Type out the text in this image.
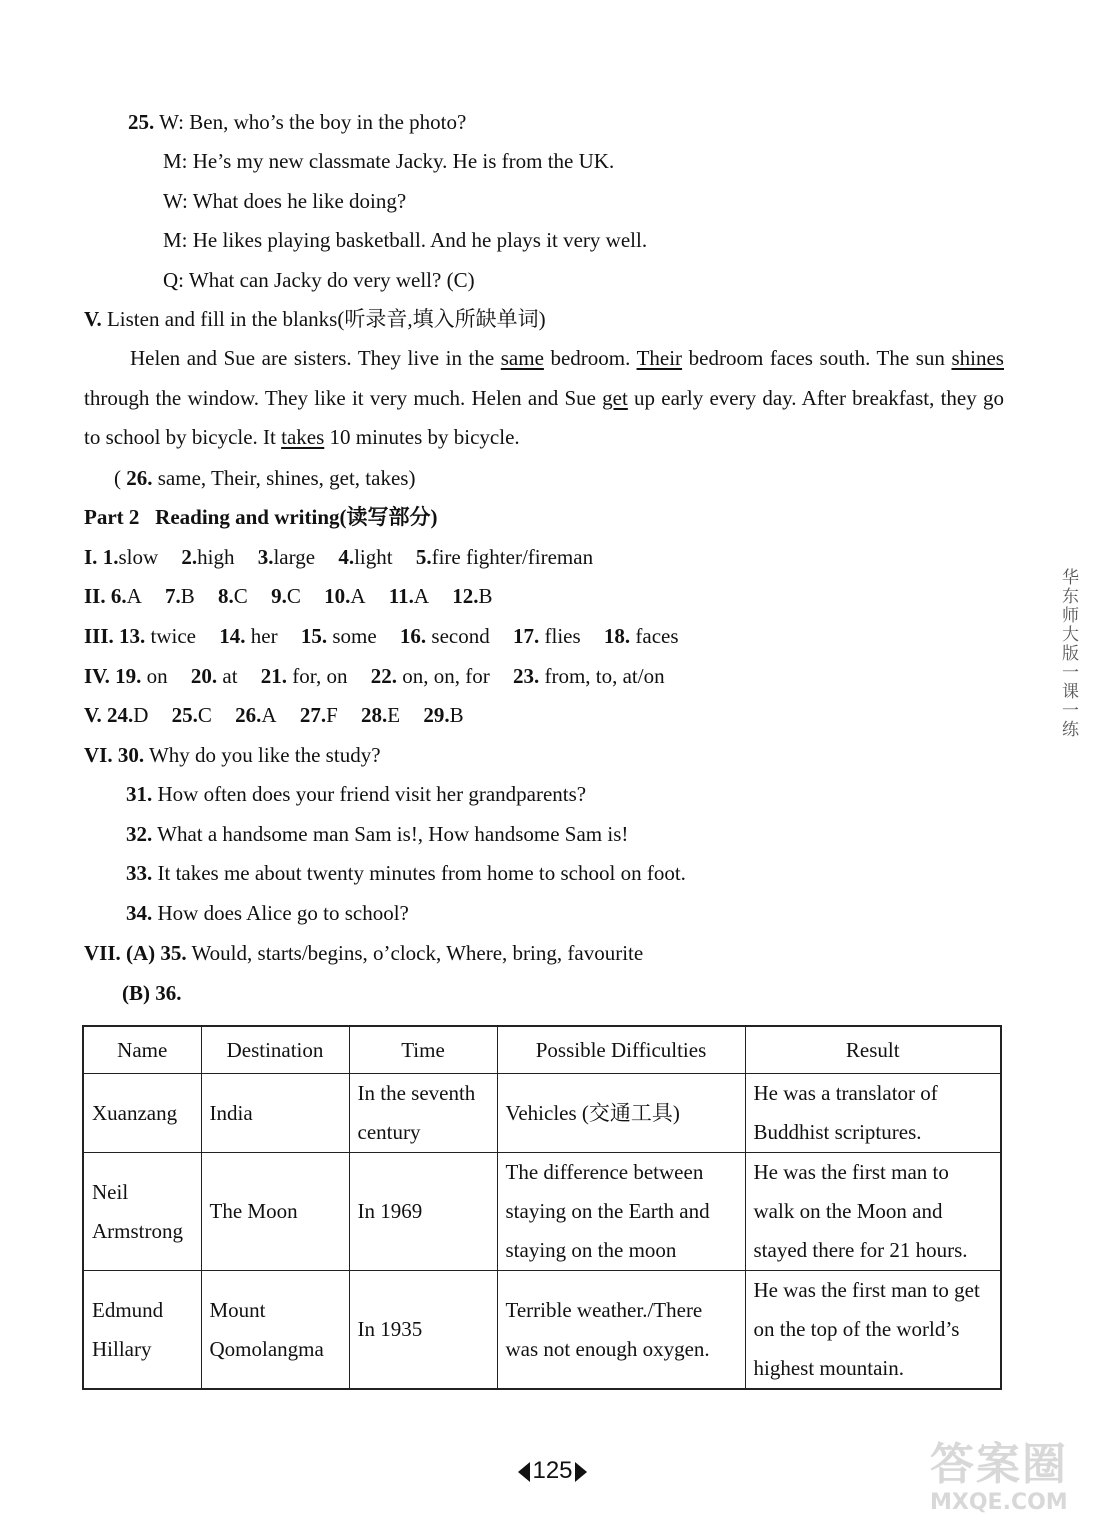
25. W: Ben, who’s the boy in the photo?
M: He’s my new classmate Jacky. He is from the UK.
W: What does he like doing?
M: He likes playing basketball. And he plays it very well.
Q: What can Jacky do very well? (C)
V. Listen and fill in the blanks(听录音,填入所缺单词)
Helen and Sue are sisters. They live in the same bedroom. Their bedroom faces south. The sun shines through the window. They like it very much. Helen and Sue get up early every day. After breakfast, they go to school by bicycle. It takes 10 minutes by bicycle.
( 26. same, Their, shines, get, takes)
Part 2 Reading and writing(读写部分)
I. 1.slow 2.high 3.large 4.light 5.fire fighter/fireman
II. 6.A 7.B 8.C 9.C 10.A 11.A 12.B
III. 13. twice 14. her 15. some 16. second 17. flies 18. faces
IV. 19. on 20. at 21. for, on 22. on, on, for 23. from, to, at/on
V. 24.D 25.C 26.A 27.F 28.E 29.B
VI. 30. Why do you like the study?
31. How often does your friend visit her grandparents?
32. What a handsome man Sam is!, How handsome Sam is!
33. It takes me about twenty minutes from home to school on foot.
34. How does Alice go to school?
VII. (A) 35. Would, starts/begins, o’clock, Where, bring, favourite
(B) 36.
Name	Destination	Time	Possible Difficulties	Result
Xuanzang	India	In the seventh century	Vehicles (交通工具)	He was a translator of Buddhist scriptures.
Neil Armstrong	The Moon	In 1969	The difference between staying on the Earth and staying on the moon	He was the first man to walk on the Moon and stayed there for 21 hours.
Edmund Hillary	Mount Qomolangma	In 1935	Terrible weather./There was not enough oxygen.	He was the first man to get on the top of the world’s highest mountain.
华东师大版一课一练
125	答案圈
MXQE.COM
